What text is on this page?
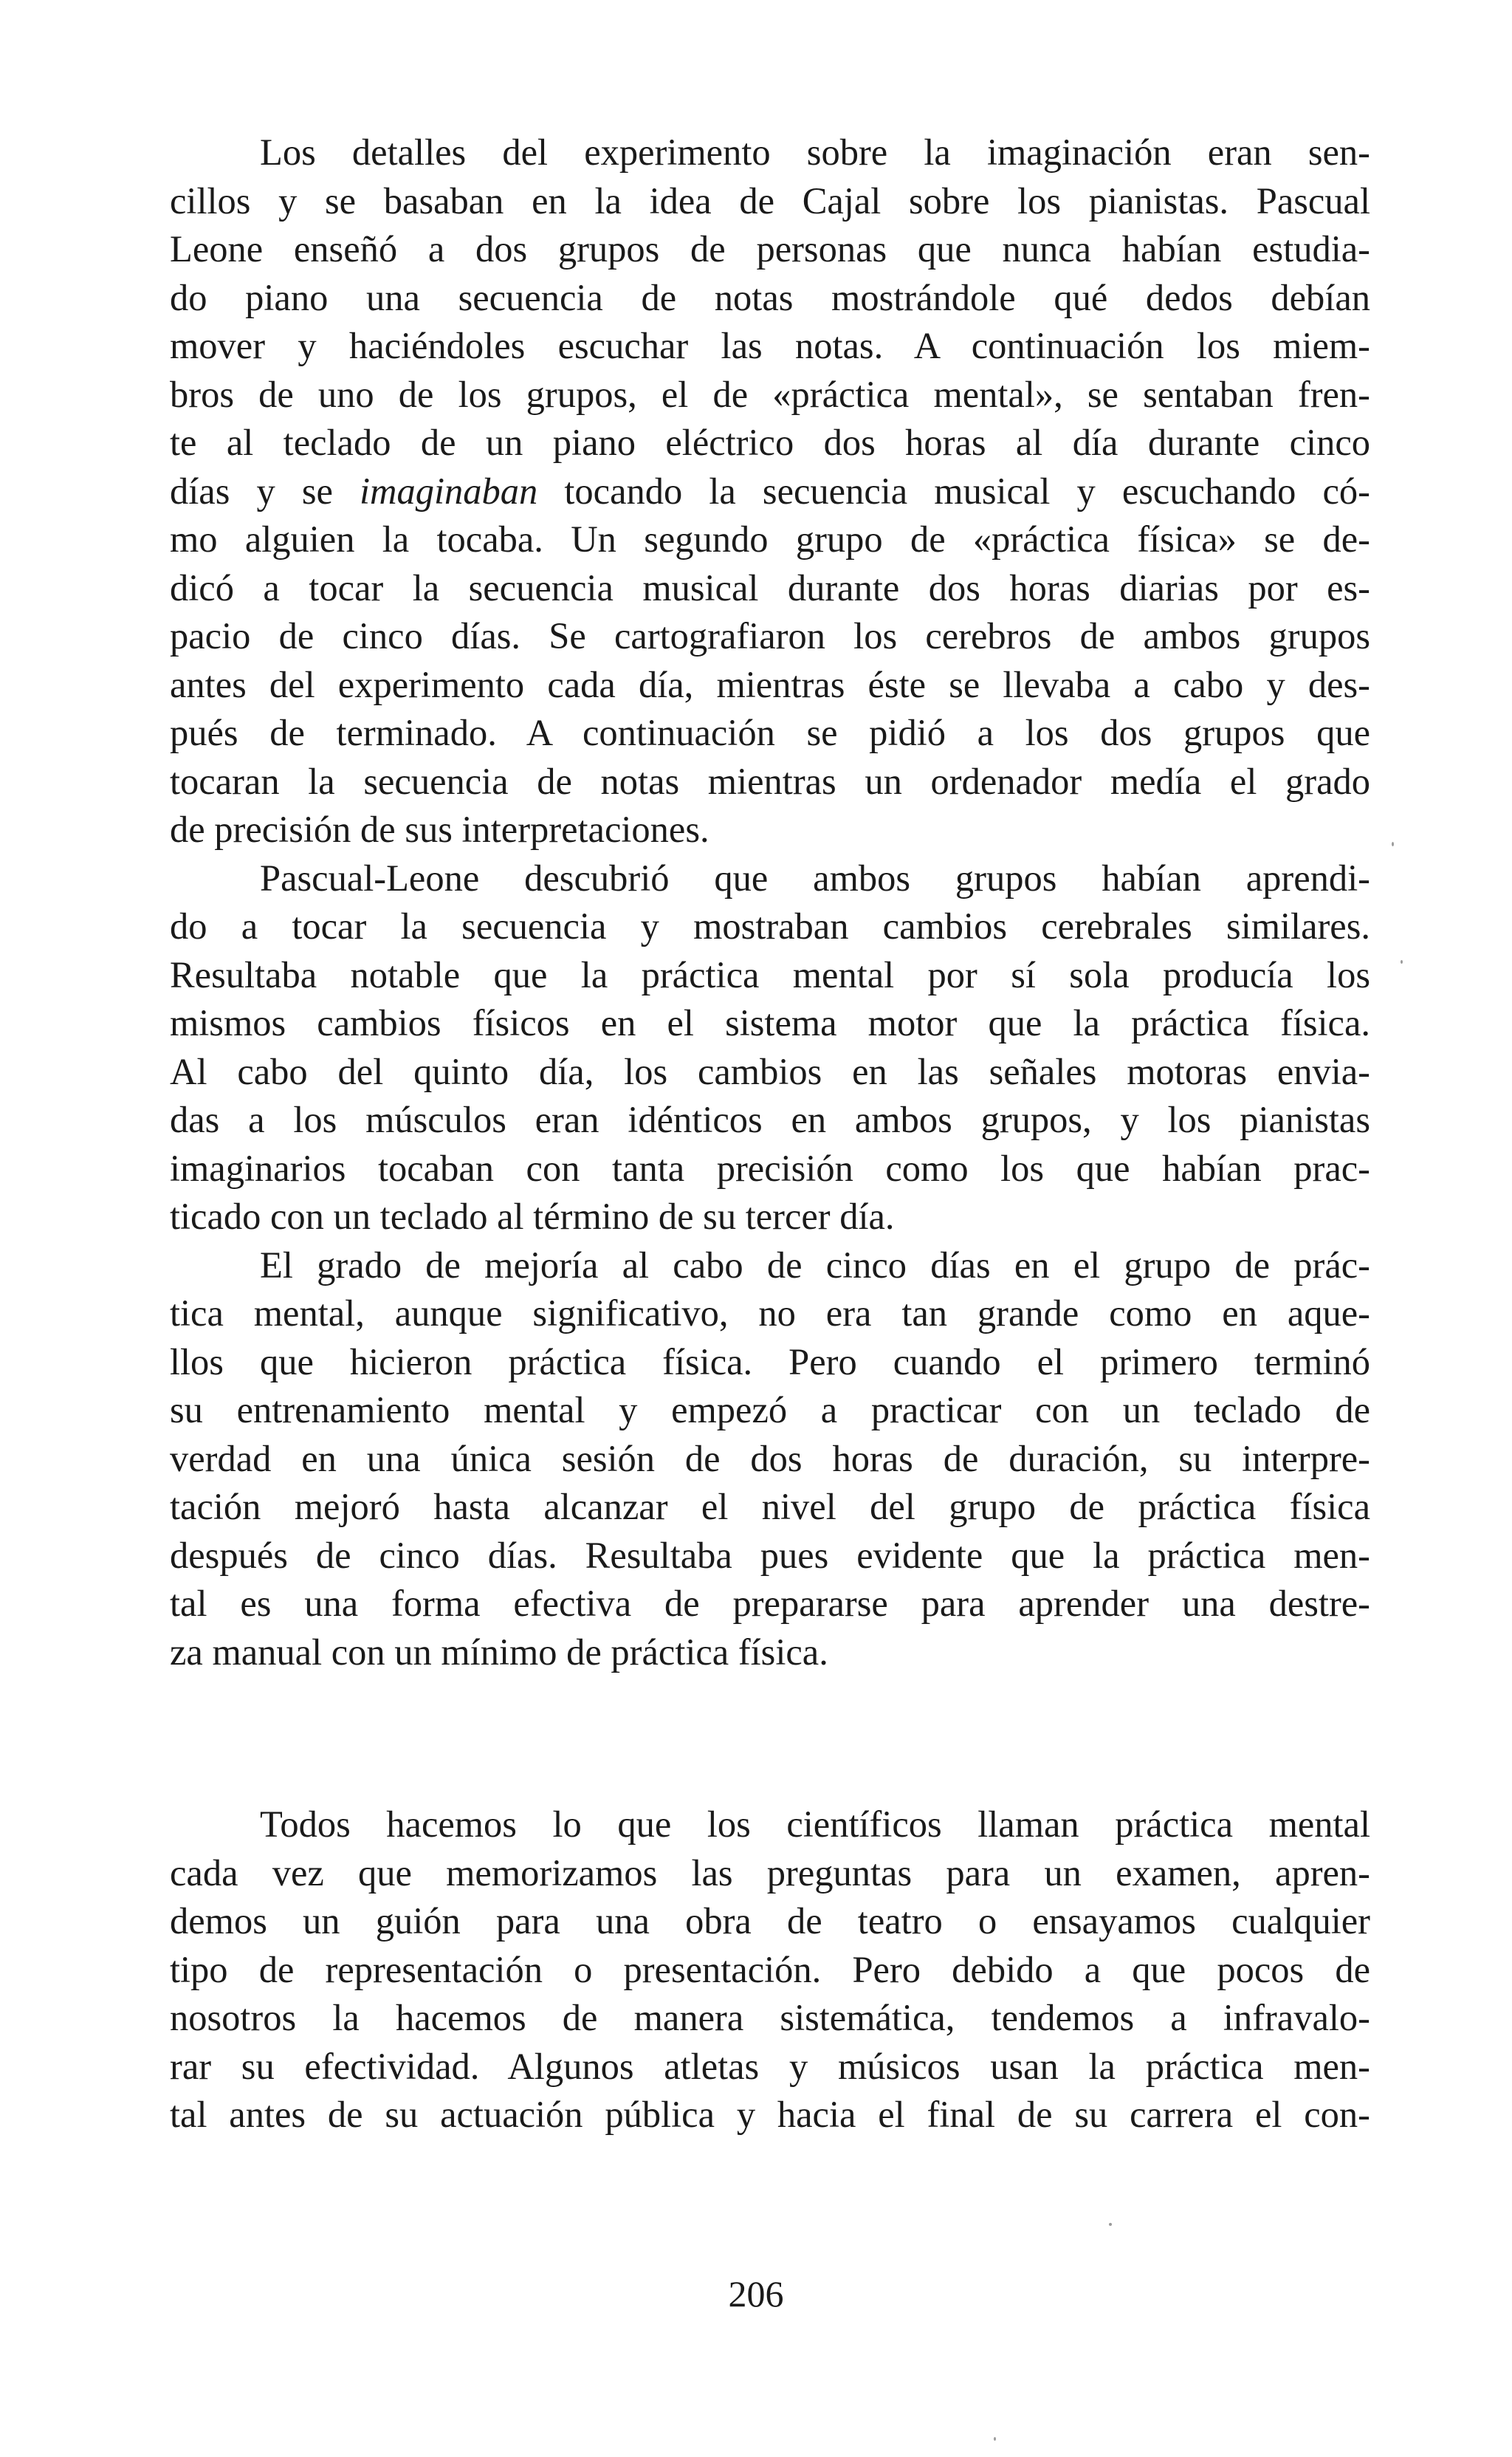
Los detalles del experimento sobre la imaginación eran sen-
cillos y se basaban en la idea de Cajal sobre los pianistas. Pascual
Leone enseñó a dos grupos de personas que nunca habían estudia-
do piano una secuencia de notas mostrándole qué dedos debían
mover y haciéndoles escuchar las notas. A continuación los miem-
bros de uno de los grupos, el de «práctica mental», se sentaban fren-
te al teclado de un piano eléctrico dos horas al día durante cinco
días y se imaginaban tocando la secuencia musical y escuchando có-
mo alguien la tocaba. Un segundo grupo de «práctica física» se de-
dicó a tocar la secuencia musical durante dos horas diarias por es-
pacio de cinco días. Se cartografiaron los cerebros de ambos grupos
antes del experimento cada día, mientras éste se llevaba a cabo y des-
pués de terminado. A continuación se pidió a los dos grupos que
tocaran la secuencia de notas mientras un ordenador medía el grado
de precisión de sus interpretaciones.
Pascual-Leone descubrió que ambos grupos habían aprendi-
do a tocar la secuencia y mostraban cambios cerebrales similares.
Resultaba notable que la práctica mental por sí sola producía los
mismos cambios físicos en el sistema motor que la práctica física.
Al cabo del quinto día, los cambios en las señales motoras envia-
das a los músculos eran idénticos en ambos grupos, y los pianistas
imaginarios tocaban con tanta precisión como los que habían prac-
ticado con un teclado al término de su tercer día.
El grado de mejoría al cabo de cinco días en el grupo de prác-
tica mental, aunque significativo, no era tan grande como en aque-
llos que hicieron práctica física. Pero cuando el primero terminó
su entrenamiento mental y empezó a practicar con un teclado de
verdad en una única sesión de dos horas de duración, su interpre-
tación mejoró hasta alcanzar el nivel del grupo de práctica física
después de cinco días. Resultaba pues evidente que la práctica men-
tal es una forma efectiva de prepararse para aprender una destre-
za manual con un mínimo de práctica física.
Todos hacemos lo que los científicos llaman práctica mental
cada vez que memorizamos las preguntas para un examen, apren-
demos un guión para una obra de teatro o ensayamos cualquier
tipo de representación o presentación. Pero debido a que pocos de
nosotros la hacemos de manera sistemática, tendemos a infravalo-
rar su efectividad. Algunos atletas y músicos usan la práctica men-
tal antes de su actuación pública y hacia el final de su carrera el con-
206
